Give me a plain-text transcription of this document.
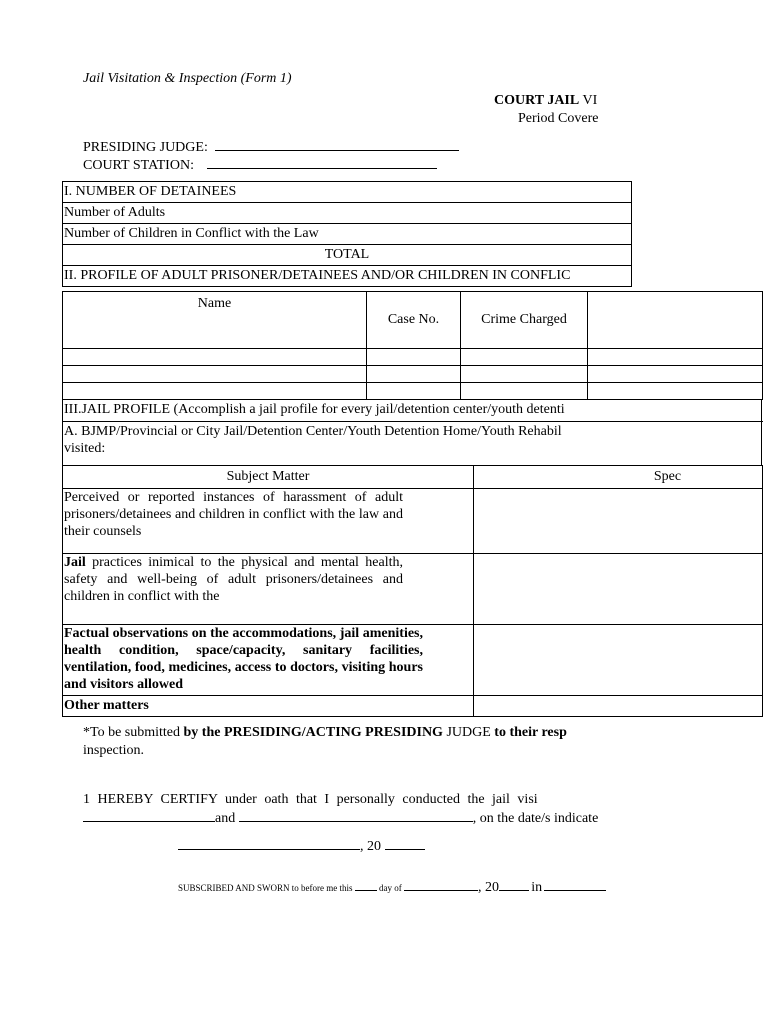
Jail Visitation & Inspection (Form 1)
COURT JAIL VI
Period Covere
PRESIDING JUDGE:
COURT STATION:
I. NUMBER OF DETAINEES
Number of Adults
Number of Children in Conflict with the Law
TOTAL
II. PROFILE OF ADULT PRISONER/DETAINEES AND/OR CHILDREN IN CONFLIC
Name	Case No.	Crime Charged	

III.JAIL PROFILE (Accomplish a jail profile for every jail/detention center/youth detenti
A. BJMP/Provincial or City Jail/Detention Center/Youth Detention Home/Youth Rehabil
visited:
Subject Matter	Spec
Perceived or reported instances of harassment of adult prisoners/detainees and children in conflict with the law and their counsels	
Jail practices inimical to the physical and mental health, safety and well-being of adult prisoners/detainees and children in conflict with the	
Factual observations on the accommodations, jail amenities, health condition, space/capacity, sanitary facilities, ventilation, food, medicines, access to doctors, visiting hours and visitors allowed	
Other matters	
*To be submitted by the PRESIDING/ACTING PRESIDING JUDGE to their resp
inspection.
1 HEREBY CERTIFY under oath that I personally conducted the jail visi
and	, on the date/s indicate
, 20
SUBSCRIBED AND SWORN to before me this	day of	, 20 in
